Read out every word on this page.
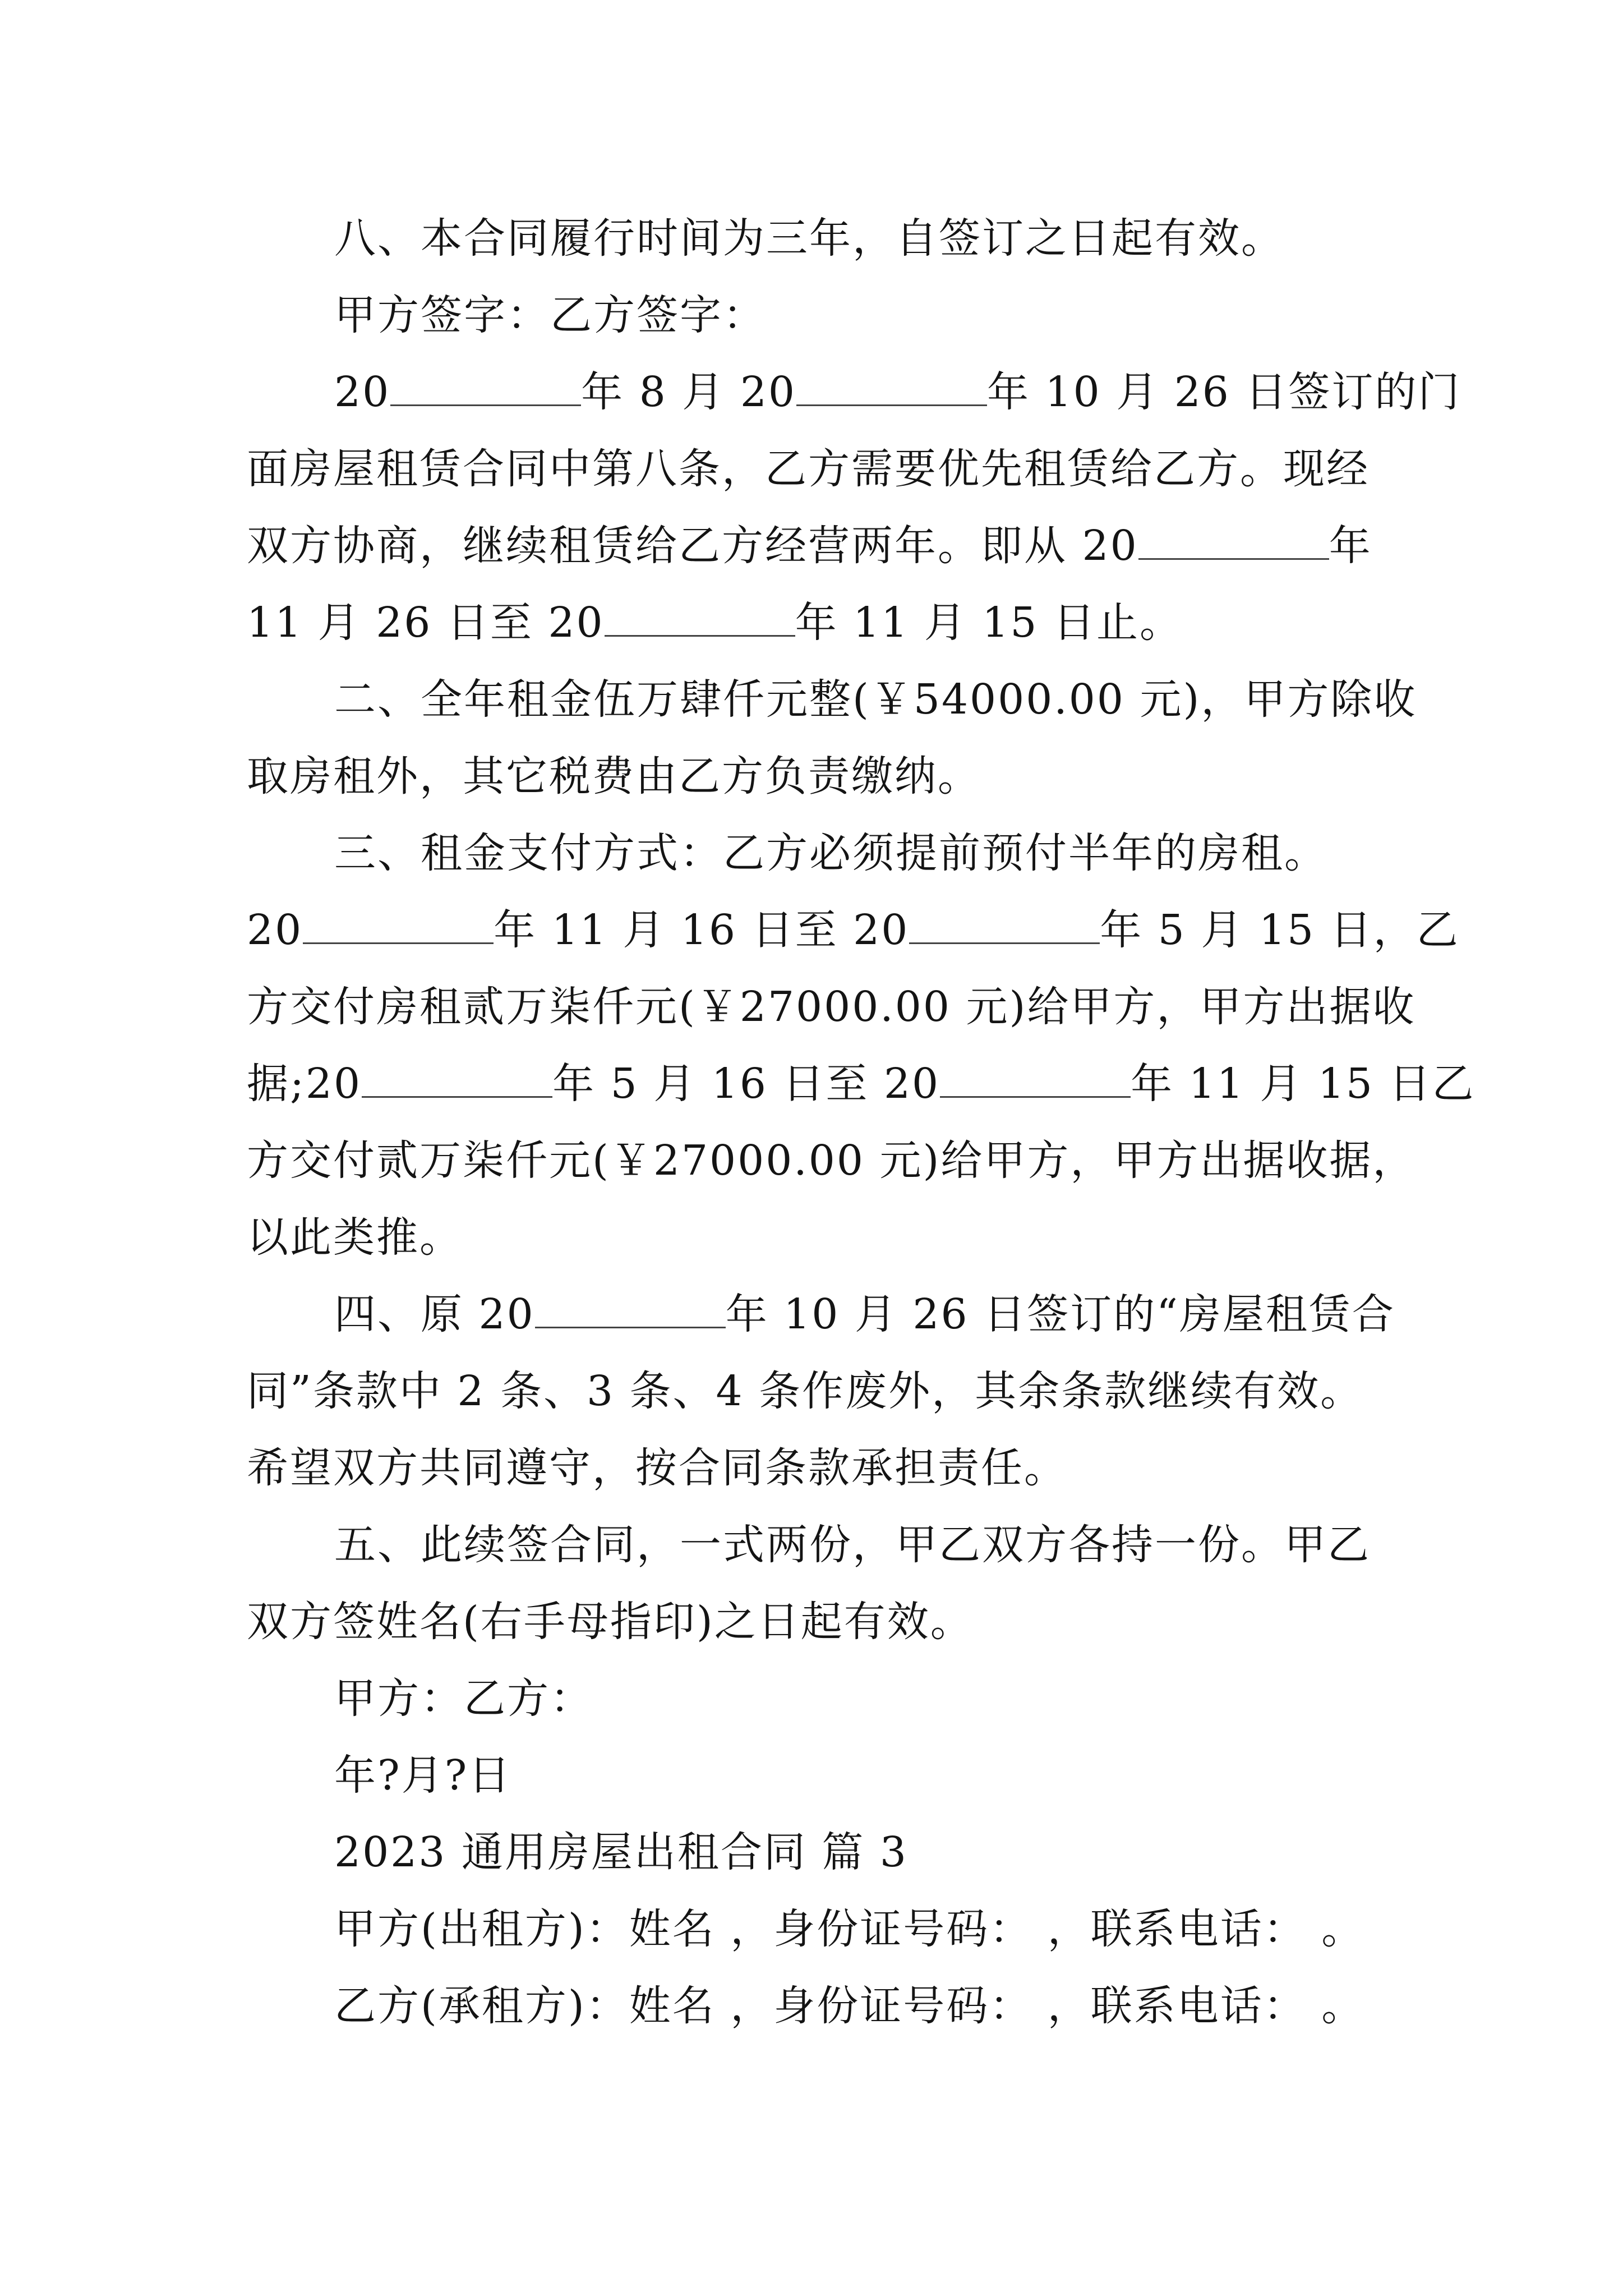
八、本合同履行时间为三年，自签订之日起有效。
甲方签字：乙方签字：
20	年 8 月 20	年 10 月 26 日签订的门
面房屋租赁合同中第八条，乙方需要优先租赁给乙方。现经
双方协商，继续租赁给乙方经营两年。即从 20	年
11 月 26 日至 20	年 11 月 15 日止。
二、全年租金伍万肆仟元整(￥54000.00 元)，甲方除收
取房租外，其它税费由乙方负责缴纳。
三、租金支付方式：乙方必须提前预付半年的房租。
20	年 11 月 16 日至 20	年 5 月 15 日，乙
方交付房租贰万柒仟元(￥27000.00 元)给甲方，甲方出据收
据;20	年 5 月 16 日至 20	年 11 月 15 日乙
方交付贰万柒仟元(￥27000.00 元)给甲方，甲方出据收据，
以此类推。
四、原 20	年 10 月 26 日签订的“房屋租赁合
同”条款中 2 条、3 条、4 条作废外，其余条款继续有效。
希望双方共同遵守，按合同条款承担责任。
五、此续签合同，一式两份，甲乙双方各持一份。甲乙
双方签姓名(右手母指印)之日起有效。
甲方：乙方：
年?月?日
2023 通用房屋出租合同 篇 3
甲方(出租方)：姓名 ，身份证号码： ，联系电话： 。
乙方(承租方)：姓名 ，身份证号码： ，联系电话： 。
